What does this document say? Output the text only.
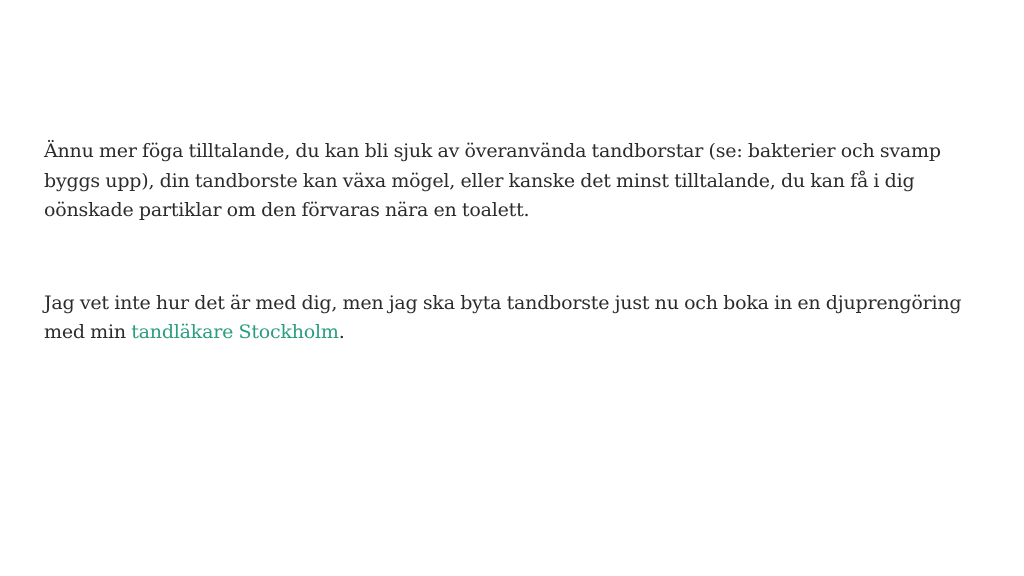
Ännu mer föga tilltalande, du kan bli sjuk av överanvända tandborstar (se: bakterier och svamp byggs upp), din tandborste kan växa mögel, eller kanske det minst tilltalande, du kan få i dig oönskade partiklar om den förvaras nära en toalett.

Jag vet inte hur det är med dig, men jag ska byta tandborste just nu och boka in en djuprengöring med min tandläkare Stockholm.
